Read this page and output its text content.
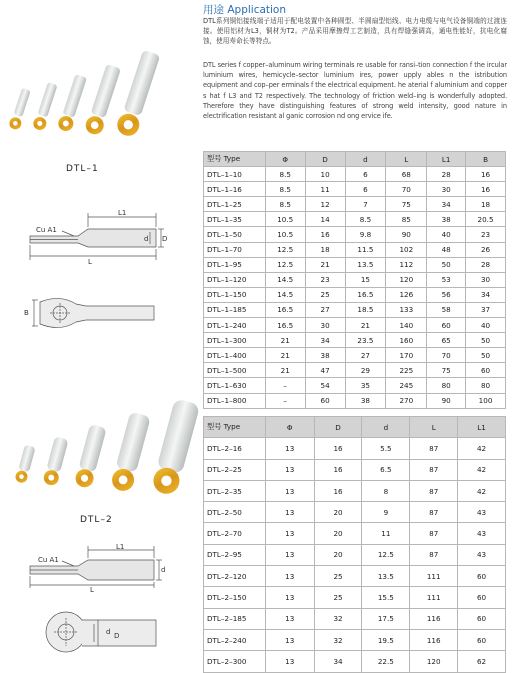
DTL–1
Cu A1
L1
L
d D
B
DTL–2
Cu A1
L1
L
d
d D
用途 Application
DTL系列铜铝接线端子适用于配电装置中各种圆型、半圆扇型铝线、电力电缆与电气设备铜端的过渡连接。使用铝材为L3，铜材为T2。产品采用摩擦焊工艺制造，具有焊缝强调高，通电性能好，抗电化腐蚀，使用寿命长等特点。
DTL series f copper–aluminum wiring terminals re usable for ransi–tion connection f the ircular luminium wires, hemicycle–sector luminium ires, power upply ables n the istribution equipment and cop–per erminals f the electrical equipment. he aterial f aluminium and copper s hat f L3 and T2 respectively. The technology of friction weld–ing is wonderfully adopted. Therefore they have distinguishing features of strong weld intensity, good nature in electrification resistant al ganic corrosion nd ong ervice ife.
型号 Type	Φ	D	d	L	L1	B
DTL–1–10	8.5	10	6	68	28	16
DTL–1–16	8.5	11	6	70	30	16
DTL–1–25	8.5	12	7	75	34	18
DTL–1–35	10.5	14	8.5	85	38	20.5
DTL–1–50	10.5	16	9.8	90	40	23
DTL–1–70	12.5	18	11.5	102	48	26
DTL–1–95	12.5	21	13.5	112	50	28
DTL–1–120	14.5	23	15	120	53	30
DTL–1–150	14.5	25	16.5	126	56	34
DTL–1–185	16.5	27	18.5	133	58	37
DTL–1–240	16.5	30	21	140	60	40
DTL–1–300	21	34	23.5	160	65	50
DTL–1–400	21	38	27	170	70	50
DTL–1–500	21	47	29	225	75	60
DTL–1–630	–	54	35	245	80	80
DTL–1–800	–	60	38	270	90	100
型号 Type	Φ	D	d	L	L1
DTL–2–16	13	16	5.5	87	42
DTL–2–25	13	16	6.5	87	42
DTL–2–35	13	16	8	87	42
DTL–2–50	13	20	9	87	43
DTL–2–70	13	20	11	87	43
DTL–2–95	13	20	12.5	87	43
DTL–2–120	13	25	13.5	111	60
DTL–2–150	13	25	15.5	111	60
DTL–2–185	13	32	17.5	116	60
DTL–2–240	13	32	19.5	116	60
DTL–2–300	13	34	22.5	120	62
